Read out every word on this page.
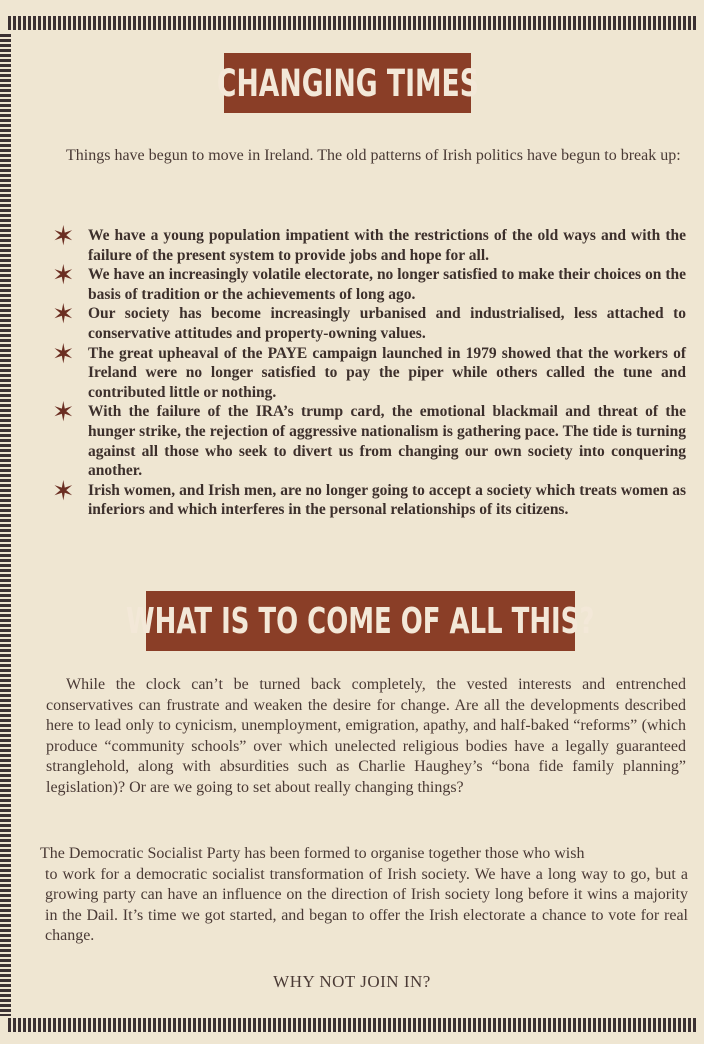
CHANGING TIMES

Things have begun to move in Ireland. The old patterns of Irish politics have begun to break up:

✶ We have a young population impatient with the restrictions of the old ways and with the failure of the present system to provide jobs and hope for all.
✶ We have an increasingly volatile electorate, no longer satisfied to make their choices on the basis of tradition or the achievements of long ago.
✶ Our society has become increasingly urbanised and industrialised, less attached to conservative attitudes and property-owning values.
✶ The great upheaval of the PAYE campaign launched in 1979 showed that the workers of Ireland were no longer satisfied to pay the piper while others called the tune and contributed little or nothing.
✶ With the failure of the IRA’s trump card, the emotional blackmail and threat of the hunger strike, the rejection of aggressive nationalism is gathering pace. The tide is turning against all those who seek to divert us from changing our own society into conquering another.
✶ Irish women, and Irish men, are no longer going to accept a society which treats women as inferiors and which interferes in the personal relationships of its citizens.
WHAT IS TO COME OF ALL THIS?

While the clock can’t be turned back completely, the vested interests and entrenched conservatives can frustrate and weaken the desire for change. Are all the developments described here to lead only to cynicism, unemployment, emigration, apathy, and half-baked “reforms” (which produce “community schools” over which unelected religious bodies have a legally guaranteed stranglehold, along with absurdities such as Charlie Haughey’s “bona fide family planning” legislation)? Or are we going to set about really changing things?

The Democratic Socialist Party has been formed to organise together those who wish
to work for a democratic socialist transformation of Irish society. We have a long way to go, but a growing party can have an influence on the direction of Irish society long before it wins a majority in the Dail. It’s time we got started, and began to offer the Irish electorate a chance to vote for real change.

WHY NOT JOIN IN?
